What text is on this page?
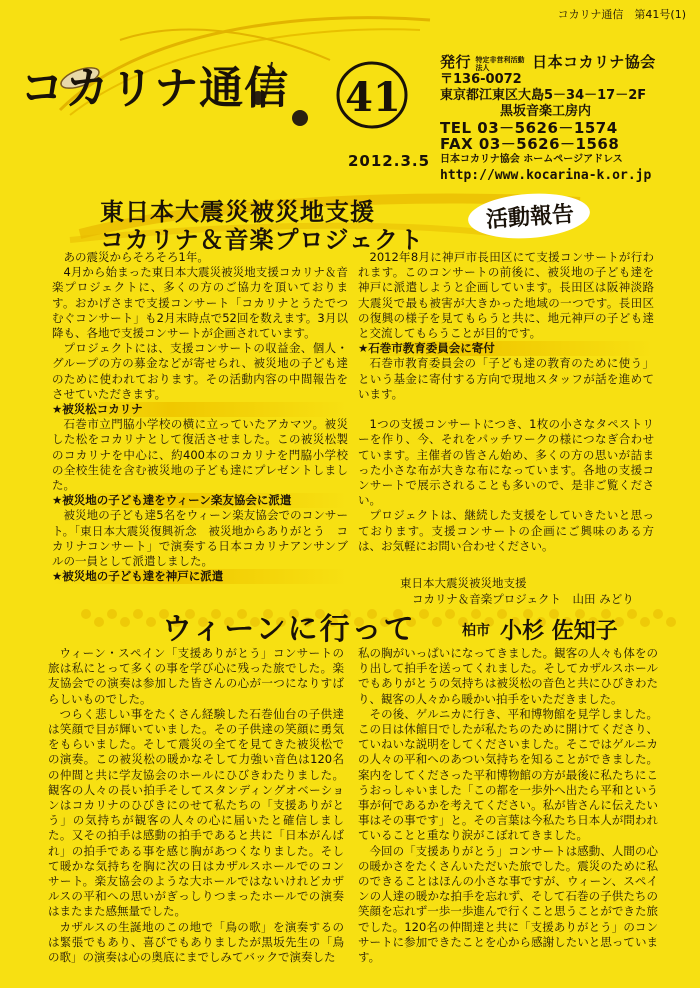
コカリナ通信　第41号(1)
コカリナ通信 41
2012.3.5
発行 特定非営利活動法人	日本コカリナ協会
〒136-0072
東京都江東区大島5－34－17－2F
黒坂音楽工房内
TEL 03－5626－1574
FAX 03－5626－1568
日本コカリナ協会 ホームページアドレス
http://www.kocarina-k.or.jp
東日本大震災被災地支援
コカリナ＆音楽プロジェクト
活動報告

あの震災からそろそろ1年。

4月から始まった東日本大震災被災地支援コカリナ＆音楽プロジェクトに、多くの方のご協力を頂いております。おかげさまで支援コンサート「コカリナとうたでつむぐコンサート」も2月末時点で52回を数えます。3月以降も、各地で支援コンサートが企画されています。

プロジェクトには、支援コンサートの収益金、個人・グループの方の募金などが寄せられ、被災地の子ども達のために使われております。その活動内容の中間報告をさせていただきます。

★被災松コカリナ

石巻市立門脇小学校の横に立っていたアカマツ。被災した松をコカリナとして復活させました。この被災松製のコカリナを中心に、約400本のコカリナを門脇小学校の全校生徒を含む被災地の子ども達にプレゼントしました。

★被災地の子ども達をウィーン楽友協会に派遣

被災地の子ども達5名をウィーン楽友協会でのコンサート。「東日本大震災復興祈念　被災地からありがとう　コカリナコンサート」で演奏する日本コカリナアンサンブルの一員として派遣しました。

★被災地の子ども達を神戸に派遣

2012年8月に神戸市長田区にて支援コンサートが行われます。このコンサートの前後に、被災地の子ども達を神戸に派遣しようと企画しています。長田区は阪神淡路大震災で最も被害が大きかった地域の一つです。長田区の復興の様子を見てもらうと共に、地元神戸の子ども達と交流してもらうことが目的です。

★石巻市教育委員会に寄付

石巻市教育委員会の「子ども達の教育のために使う」という基金に寄付する方向で現地スタッフが話を進めています。

1つの支援コンサートにつき、1枚の小さなタペストリーを作り、今、それをパッチワークの様につなぎ合わせています。主催者の皆さん始め、多くの方の思いが詰まった小さな布が大きな布になっています。各地の支援コンサートで展示されることも多いので、是非ご覧ください。

プロジェクトは、継続した支援をしていきたいと思っております。支援コンサートの企画にご興味のある方は、お気軽にお問い合わせください。

東日本大震災被災地支援
コカリナ＆音楽プロジェクト　山田 みどり
ウィーンに行って	柏市 小杉 佐知子

ウィーン・スペイン「支援ありがとう」コンサートの旅は私にとって多くの事を学び心に残った旅でした。楽友協会での演奏は参加した皆さんの心が一つになりすばらしいものでした。

つらく悲しい事をたくさん経験した石巻仙台の子供達は笑顔で目が輝いていました。その子供達の笑顔に勇気をもらいました。そして震災の全てを見てきた被災松での演奏。この被災松の暖かなそして力強い音色は120名の仲間と共に学友協会のホールにひびきわたりました。観客の人々の長い拍手そしてスタンディングオベーションはコカリナのひびきにのせて私たちの「支援ありがとう」の気持ちが観客の人々の心に届いたと確信しました。又その拍手は感動の拍手であると共に「日本がんばれ」の拍手である事を感じ胸があつくなりました。そして暖かな気持ちを胸に次の日はカザルスホールでのコンサート。楽友協会のような大ホールではないけれどカザルスの平和への思いがぎっしりつまったホールでの演奏はまたまた感無量でした。

カザルスの生誕地のこの地で「鳥の歌」を演奏するのは緊張でもあり、喜びでもありましたが黒坂先生の「鳥の歌」の演奏は心の奥底にまでしみてバックで演奏した

私の胸がいっぱいになってきました。観客の人々も体をのり出して拍手を送ってくれました。そしてカザルスホールでもありがとうの気持ちは被災松の音色と共にひびきわたり、観客の人々から暖かい拍手をいただきました。

その後、ゲルニカに行き、平和博物館を見学しました。この日は休館日でしたが私たちのために開けてくださり、ていねいな説明をしてくださいました。そこではゲルニカの人々の平和へのあつい気持ちを知ることができました。案内をしてくださった平和博物館の方が最後に私たちにこうおっしゃいました「この都を一歩外へ出たら平和という事が何であるかを考えてください。私が皆さんに伝えたい事はその事です」と。その言葉は今私たち日本人が問われていることと重なり涙がこぼれてきました。

今回の「支援ありがとう」コンサートは感動、人間の心の暖かさをたくさんいただいた旅でした。震災のために私のできることはほんの小さな事ですが、ウィーン、スペインの人達の暖かな拍手を忘れず、そして石巻の子供たちの笑顔を忘れず一歩一歩進んで行くこと思うことができた旅でした。120名の仲間達と共に「支援ありがとう」のコンサートに参加できたことを心から感謝したいと思っています。
